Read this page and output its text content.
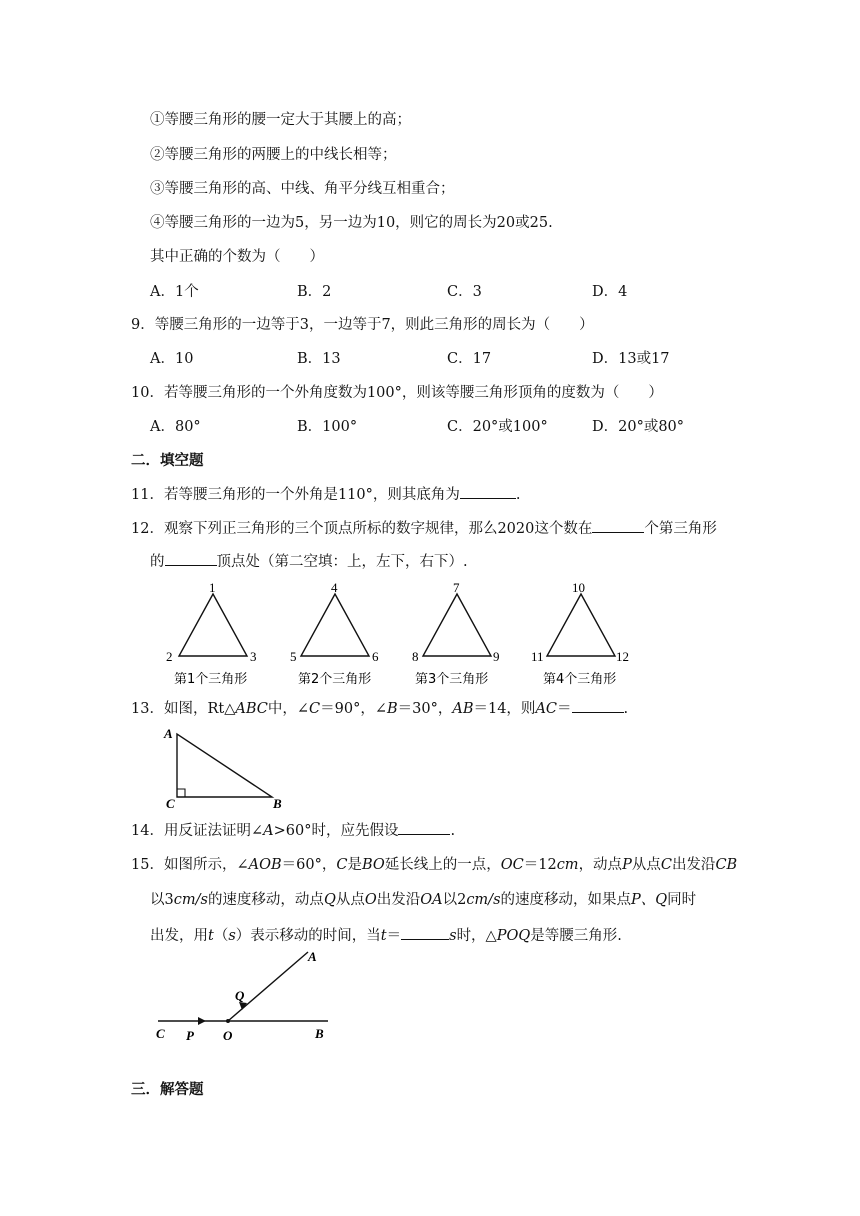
①等腰三角形的腰一定大于其腰上的高；
②等腰三角形的两腰上的中线长相等；
③等腰三角形的高、中线、角平分线互相重合；
④等腰三角形的一边为5，另一边为10，则它的周长为20或25.
其中正确的个数为（　　）
A．1个	B．2	C．3	D．4
9．等腰三角形的一边等于3，一边等于7，则此三角形的周长为（　　）
A．10	B．13	C．17	D．13或17
10．若等腰三角形的一个外角度数为100°，则该等腰三角形顶角的度数为（　　）
A．80°	B．100°	C．20°或100°	D．20°或80°
二．填空题
11．若等腰三角形的一个外角是110°，则其底角为	.
12．观察下列正三角形的三个顶点所标的数字规律，那么2020这个数在	个第三角形
的	顶点处（第二空填：上，左下，右下）.
1
2	3
第1个三角形
4
5	6
第2个三角形
7
8	9
第3个三角形
10
11	12
第4个三角形
13．如图，Rt△ABC中，∠C＝90°，∠B＝30°，AB＝14，则AC＝	.
A
C	B
14．用反证法证明∠A>60°时，应先假设	.
15．如图所示，∠AOB＝60°，C是BO延长线上的一点，OC＝12cm，动点P从点C出发沿CB
以3cm/s的速度移动，动点Q从点O出发沿OA以2cm/s的速度移动，如果点P、Q同时
出发，用t（s）表示移动的时间，当t＝	s时，△POQ是等腰三角形.
A
Q
C P O	B
三．解答题
